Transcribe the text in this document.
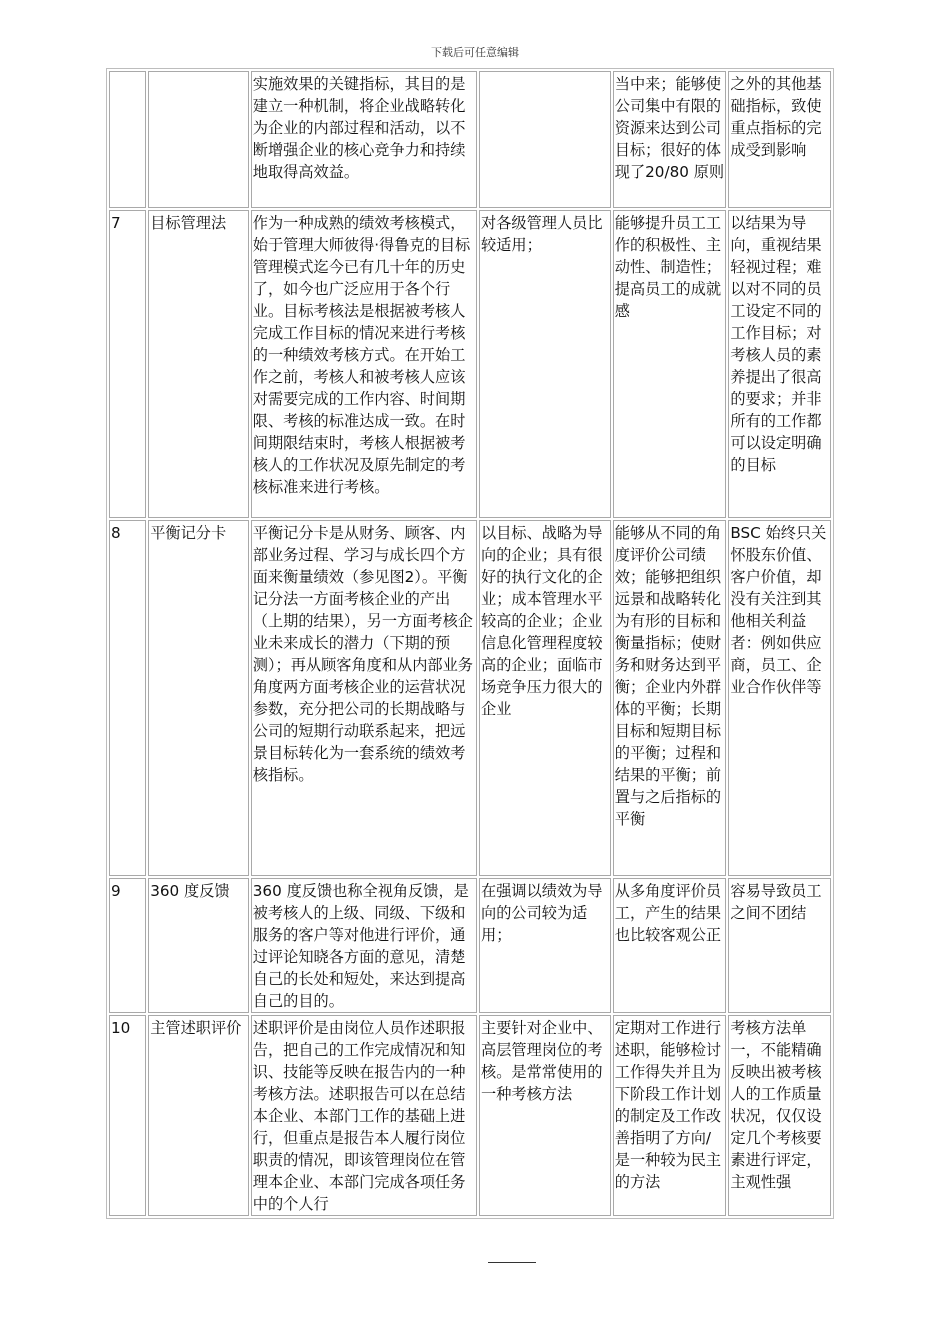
下载后可任意编辑
		实施效果的关键指标，其目的是建立一种机制，将企业战略转化为企业的内部过程和活动，以不断增强企业的核心竞争力和持续地取得高效益。		当中来；能够使公司集中有限的资源来达到公司目标；很好的体现了20/80 原则	之外的其他基础指标，致使重点指标的完成受到影响
7	目标管理法	作为一种成熟的绩效考核模式，始于管理大师彼得·得鲁克的目标管理模式迄今已有几十年的历史了，如今也广泛应用于各个行业。目标考核法是根据被考核人完成工作目标的情况来进行考核的一种绩效考核方式。在开始工作之前，考核人和被考核人应该对需要完成的工作内容、时间期限、考核的标准达成一致。在时间期限结束时，考核人根据被考核人的工作状况及原先制定的考核标准来进行考核。	对各级管理人员比较适用；	能够提升员工工作的积极性、主动性、制造性；提高员工的成就感	以结果为导向，重视结果轻视过程；难以对不同的员工设定不同的工作目标；对考核人员的素养提出了很高的要求；并非所有的工作都可以设定明确的目标
8	平衡记分卡	平衡记分卡是从财务、顾客、内部业务过程、学习与成长四个方面来衡量绩效（参见图2）。平衡记分法一方面考核企业的产出（上期的结果），另一方面考核企业未来成长的潜力（下期的预测）；再从顾客角度和从内部业务角度两方面考核企业的运营状况参数，充分把公司的长期战略与公司的短期行动联系起来，把远景目标转化为一套系统的绩效考核指标。	以目标、战略为导向的企业；具有很好的执行文化的企业；成本管理水平较高的企业；企业信息化管理程度较高的企业；面临市场竞争压力很大的企业	能够从不同的角度评价公司绩效；能够把组织远景和战略转化为有形的目标和衡量指标；使财务和财务达到平衡；企业内外群体的平衡；长期目标和短期目标的平衡；过程和结果的平衡；前置与之后指标的平衡	BSC 始终只关怀股东价值、客户价值，却没有关注到其他相关利益者：例如供应商，员工、企业合作伙伴等
9	360 度反馈	360 度反馈也称全视角反馈，是被考核人的上级、同级、下级和服务的客户等对他进行评价，通过评论知晓各方面的意见，清楚自己的长处和短处，来达到提高自己的目的。	在强调以绩效为导向的公司较为适用；	从多角度评价员工，产生的结果也比较客观公正	容易导致员工之间不团结
10	主管述职评价	述职评价是由岗位人员作述职报告，把自己的工作完成情况和知识、技能等反映在报告内的一种考核方法。述职报告可以在总结本企业、本部门工作的基础上进行，但重点是报告本人履行岗位职责的情况，即该管理岗位在管理本企业、本部门完成各项任务中的个人行	主要针对企业中、高层管理岗位的考核。是常常使用的一种考核方法	定期对工作进行述职，能够检讨工作得失并且为下阶段工作计划的制定及工作改善指明了方向/是一种较为民主的方法	考核方法单一，不能精确反映出被考核人的工作质量状况，仅仅设定几个考核要素进行评定，主观性强
